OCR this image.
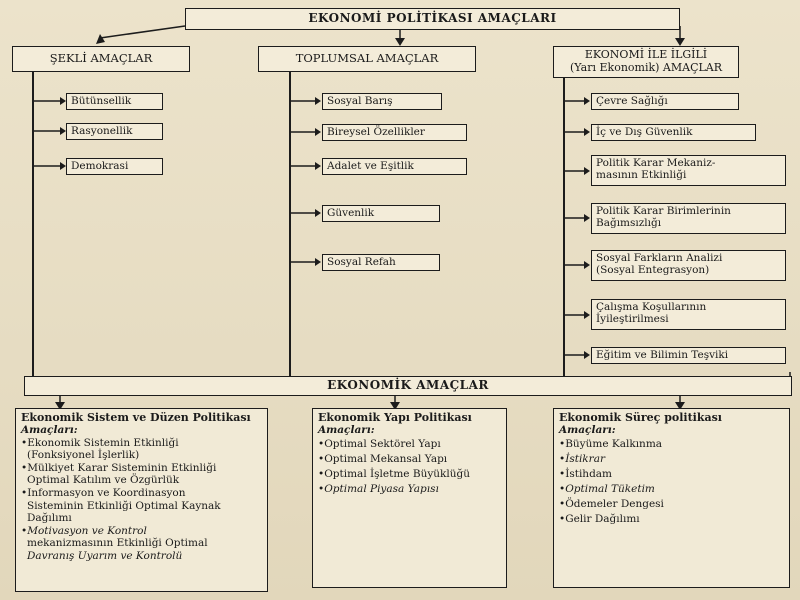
EKONOMİ POLİTİKASI AMAÇLARI
ŞEKLİ AMAÇLAR	TOPLUMSAL AMAÇLAR	EKONOMİ İLE İLGİLİ
(Yarı Ekonomik) AMAÇLAR
Bütünsellik
Rasyonellik
Demokrasi
Sosyal Barış
Bireysel Özellikler
Adalet ve Eşitlik
Güvenlik
Sosyal Refah
Çevre Sağlığı
İç ve Dış Güvenlik
Politik Karar Mekaniz-
masının Etkinliği
Politik Karar Birimlerinin
Bağımsızlığı
Sosyal Farkların Analizi
(Sosyal Entegrasyon)
Çalışma Koşullarının
İyileştirilmesi
Eğitim ve Bilimin Teşviki
EKONOMİK AMAÇLAR
Ekonomik Sistem ve Düzen Politikası
Amaçları:
•Ekonomik Sistemin Etkinliği
(Fonksiyonel İşlerlik)
•Mülkiyet Karar Sisteminin Etkinliği
Optimal Katılım ve Özgürlük
•Informasyon ve Koordinasyon
Sisteminin Etkinliği Optimal Kaynak
Dağılımı
•Motivasyon ve Kontrol
mekanizmasının Etkinliği Optimal
Davranış Uyarım ve Kontrolü
Ekonomik Yapı Politikası
Amaçları:
•Optimal Sektörel Yapı
•Optimal Mekansal Yapı
•Optimal İşletme Büyüklüğü
•Optimal Piyasa Yapısı
Ekonomik Süreç politikası
Amaçları:
•Büyüme Kalkınma
•İstikrar
•İstihdam
•Optimal Tüketim
•Ödemeler Dengesi
•Gelir Dağılımı
